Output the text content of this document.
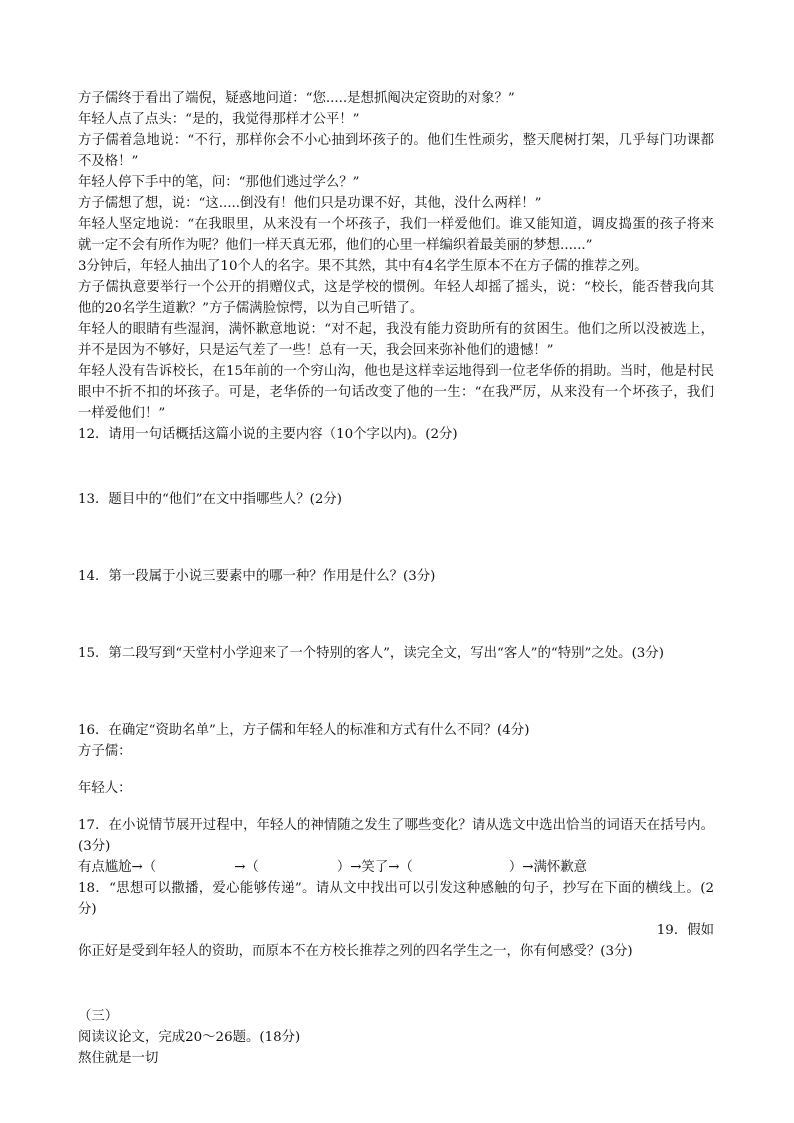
方子儒终于看出了端倪，疑惑地问道：“您.....是想抓阄决定资助的对象？”

年轻人点了点头：“是的，我觉得那样才公平！”

方子儒着急地说：“不行，那样你会不小心抽到坏孩子的。他们生性顽劣，整天爬树打架，几乎每门功课都不及格！”

年轻人停下手中的笔，问：“那他们逃过学么？”

方子儒想了想，说：“这.....倒没有！他们只是功课不好，其他，没什么两样！”

年轻人坚定地说：“在我眼里，从来没有一个坏孩子，我们一样爱他们。谁又能知道，调皮捣蛋的孩子将来就一定不会有所作为呢？他们一样天真无邪，他们的心里一样编织着最美丽的梦想......”

3分钟后，年轻人抽出了10个人的名字。果不其然，其中有4名学生原本不在方子儒的推荐之列。

方子儒执意要举行一个公开的捐赠仪式，这是学校的惯例。年轻人却摇了摇头，说：“校长，能否替我向其他的20名学生道歉？”方子儒满脸惊愕，以为自己听错了。

年轻人的眼睛有些湿润，满怀歉意地说：“对不起，我没有能力资助所有的贫困生。他们之所以没被选上，并不是因为不够好，只是运气差了一些！总有一天，我会回来弥补他们的遗憾！”

年轻人没有告诉校长，在15年前的一个穷山沟，他也是这样幸运地得到一位老华侨的捐助。当时，他是村民眼中不折不扣的坏孩子。可是，老华侨的一句话改变了他的一生：“在我严厉，从来没有一个坏孩子，我们一样爱他们！”

12．请用一句话概括这篇小说的主要内容（10个字以内)。(2分)

13．题目中的“他们”在文中指哪些人？(2分)

14．第一段属于小说三要素中的哪一种？作用是什么？(3分)

15．第二段写到“天堂村小学迎来了一个特别的客人”，读完全文，写出“客人”的“特别”之处。(3分)

16．在确定“资助名单”上，方子儒和年轻人的标准和方式有什么不同？(4分)

方子儒：

年轻人：

17．在小说情节展开过程中，年轻人的神情随之发生了哪些变化？请从选文中选出恰当的词语天在括号内。(3分)

有点尴尬→（	→（	）→笑了→（	）→满怀歉意

18．“思想可以撒播，爱心能够传递”。请从文中找出可以引发这种感触的句子，抄写在下面的横线上。(2分)

19．假如

你正好是受到年轻人的资助，而原本不在方校长推荐之列的四名学生之一，你有何感受？(3分)

（三）

阅读议论文，完成20～26题。(18分)

熬住就是一切
